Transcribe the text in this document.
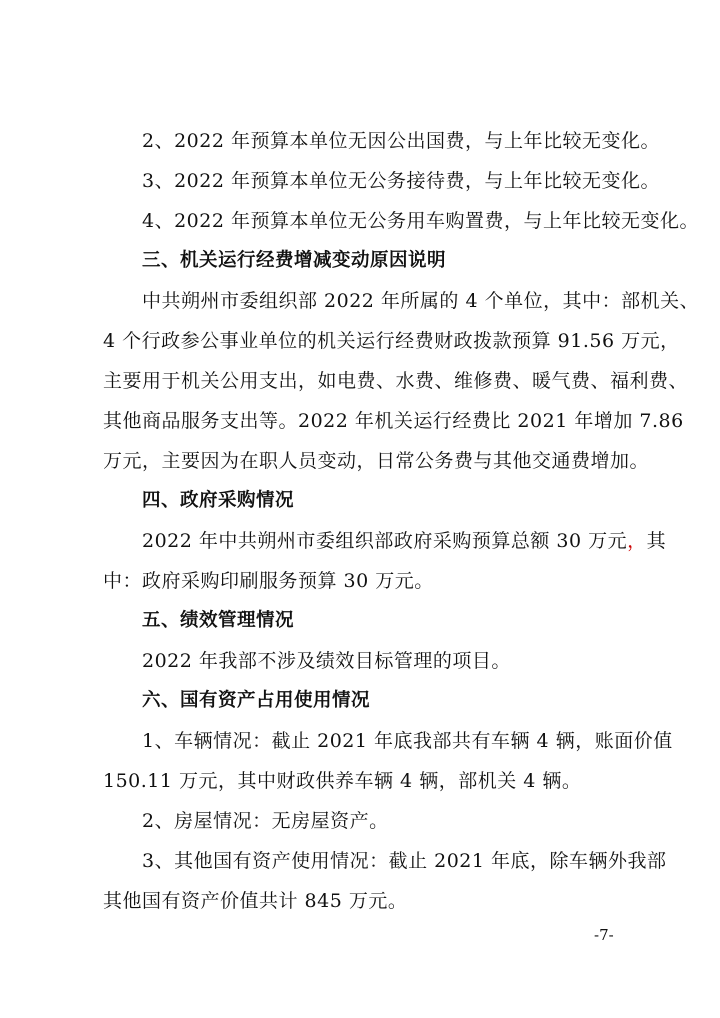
2、2022 年预算本单位无因公出国费，与上年比较无变化。
3、2022 年预算本单位无公务接待费，与上年比较无变化。
4、2022 年预算本单位无公务用车购置费，与上年比较无变化。
三、机关运行经费增减变动原因说明
中共朔州市委组织部 2022 年所属的 4 个单位，其中：部机关、
4 个行政参公事业单位的机关运行经费财政拨款预算 91.56 万元，
主要用于机关公用支出，如电费、水费、维修费、暖气费、福利费、
其他商品服务支出等。2022 年机关运行经费比 2021 年增加 7.86
万元，主要因为在职人员变动，日常公务费与其他交通费增加。
四、政府采购情况
2022 年中共朔州市委组织部政府采购预算总额 30 万元，其
中：政府采购印刷服务预算 30 万元。
五、绩效管理情况
2022 年我部不涉及绩效目标管理的项目。
六、国有资产占用使用情况
1、车辆情况：截止 2021 年底我部共有车辆 4 辆，账面价值
150.11 万元，其中财政供养车辆 4 辆，部机关 4 辆。
2、房屋情况：无房屋资产。
3、其他国有资产使用情况：截止 2021 年底，除车辆外我部
其他国有资产价值共计 845 万元。
-7-
